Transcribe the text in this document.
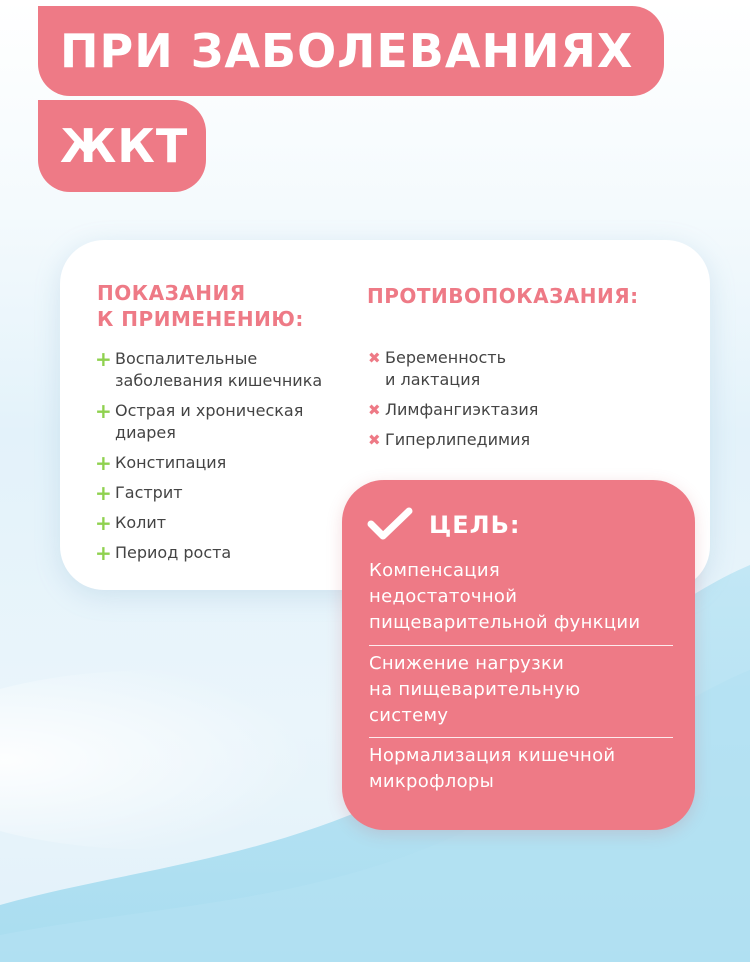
ПРИ ЗАБОЛЕВАНИЯХ
ЖКТ
ПОКАЗАНИЯ
К ПРИМЕНЕНИЮ:
+ Воспалительные
заболевания кишечника
+ Острая и хроническая
диарея
+ Констипация
+ Гастрит
+ Колит
+ Период роста
ПРОТИВОПОКАЗАНИЯ:
✖ Беременность
и лактация
✖ Лимфангиэктазия
✖ Гиперлипедимия
ЦЕЛЬ:
Компенсация
недостаточной
пищеварительной функции
Снижение нагрузки
на пищеварительную
систему
Нормализация кишечной
микрофлоры
